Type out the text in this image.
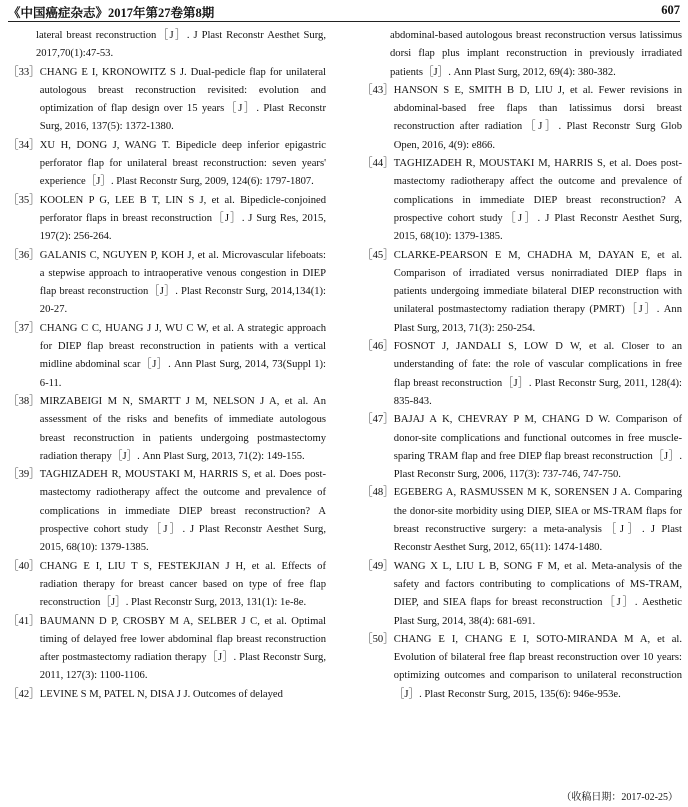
《中国癌症杂志》2017年第27卷第8期	607

lateral breast reconstruction［J］. J Plast Reconstr Aesthet Surg, 2017,70(1):47-53.

［33］ CHANG E I, KRONOWITZ S J. Dual-pedicle flap for unilateral autologous breast reconstruction revisited: evolution and optimization of flap design over 15 years［J］. Plast Reconstr Surg, 2016, 137(5): 1372-1380.
［34］ XU H, DONG J, WANG T. Bipedicle deep inferior epigastric perforator flap for unilateral breast reconstruction: seven years' experience［J］. Plast Reconstr Surg, 2009, 124(6): 1797-1807.
［35］ KOOLEN P G, LEE B T, LIN S J, et al. Bipedicle-conjoined perforator flaps in breast reconstruction［J］. J Surg Res, 2015, 197(2): 256-264.
［36］ GALANIS C, NGUYEN P, KOH J, et al. Microvascular lifeboats: a stepwise approach to intraoperative venous congestion in DIEP flap breast reconstruction［J］. Plast Reconstr Surg, 2014,134(1): 20-27.
［37］ CHANG C C, HUANG J J, WU C W, et al. A strategic approach for DIEP flap breast reconstruction in patients with a vertical midline abdominal scar［J］. Ann Plast Surg, 2014, 73(Suppl 1): 6-11.
［38］ MIRZABEIGI M N, SMARTT J M, NELSON J A, et al. An assessment of the risks and benefits of immediate autologous breast reconstruction in patients undergoing postmastectomy radiation therapy［J］. Ann Plast Surg, 2013, 71(2): 149-155.
［39］ TAGHIZADEH R, MOUSTAKI M, HARRIS S, et al. Does post-mastectomy radiotherapy affect the outcome and prevalence of complications in immediate DIEP breast reconstruction? A prospective cohort study［J］. J Plast Reconstr Aesthet Surg, 2015, 68(10): 1379-1385.
［40］ CHANG E I, LIU T S, FESTEKJIAN J H, et al. Effects of radiation therapy for breast cancer based on type of free flap reconstruction［J］. Plast Reconstr Surg, 2013, 131(1): 1e-8e.
［41］ BAUMANN D P, CROSBY M A, SELBER J C, et al. Optimal timing of delayed free lower abdominal flap breast reconstruction after postmastectomy radiation therapy［J］. Plast Reconstr Surg, 2011, 127(3): 1100-1106.
［42］ LEVINE S M, PATEL N, DISA J J. Outcomes of delayed

abdominal-based autologous breast reconstruction versus latissimus dorsi flap plus implant reconstruction in previously irradiated patients［J］. Ann Plast Surg, 2012, 69(4): 380-382.

［43］ HANSON S E, SMITH B D, LIU J, et al. Fewer revisions in abdominal-based free flaps than latissimus dorsi breast reconstruction after radiation［J］. Plast Reconstr Surg Glob Open, 2016, 4(9): e866.
［44］ TAGHIZADEH R, MOUSTAKI M, HARRIS S, et al. Does post-mastectomy radiotherapy affect the outcome and prevalence of complications in immediate DIEP breast reconstruction? A prospective cohort study［J］. J Plast Reconstr Aesthet Surg, 2015, 68(10): 1379-1385.
［45］ CLARKE-PEARSON E M, CHADHA M, DAYAN E, et al. Comparison of irradiated versus nonirradiated DIEP flaps in patients undergoing immediate bilateral DIEP reconstruction with unilateral postmastectomy radiation therapy (PMRT)［J］. Ann Plast Surg, 2013, 71(3): 250-254.
［46］ FOSNOT J, JANDALI S, LOW D W, et al. Closer to an understanding of fate: the role of vascular complications in free flap breast reconstruction［J］. Plast Reconstr Surg, 2011, 128(4): 835-843.
［47］ BAJAJ A K, CHEVRAY P M, CHANG D W. Comparison of donor-site complications and functional outcomes in free muscle-sparing TRAM flap and free DIEP flap breast reconstruction［J］. Plast Reconstr Surg, 2006, 117(3): 737-746, 747-750.
［48］ EGEBERG A, RASMUSSEN M K, SORENSEN J A. Comparing the donor-site morbidity using DIEP, SIEA or MS-TRAM flaps for breast reconstructive surgery: a meta-analysis［J］. J Plast Reconstr Aesthet Surg, 2012, 65(11): 1474-1480.
［49］ WANG X L, LIU L B, SONG F M, et al. Meta-analysis of the safety and factors contributing to complications of MS-TRAM, DIEP, and SIEA flaps for breast reconstruction［J］. Aesthetic Plast Surg, 2014, 38(4): 681-691.
［50］ CHANG E I, CHANG E I, SOTO-MIRANDA M A, et al. Evolution of bilateral free flap breast reconstruction over 10 years: optimizing outcomes and comparison to unilateral reconstruction［J］. Plast Reconstr Surg, 2015, 135(6): 946e-953e.
（收稿日期：2017-02-25）
